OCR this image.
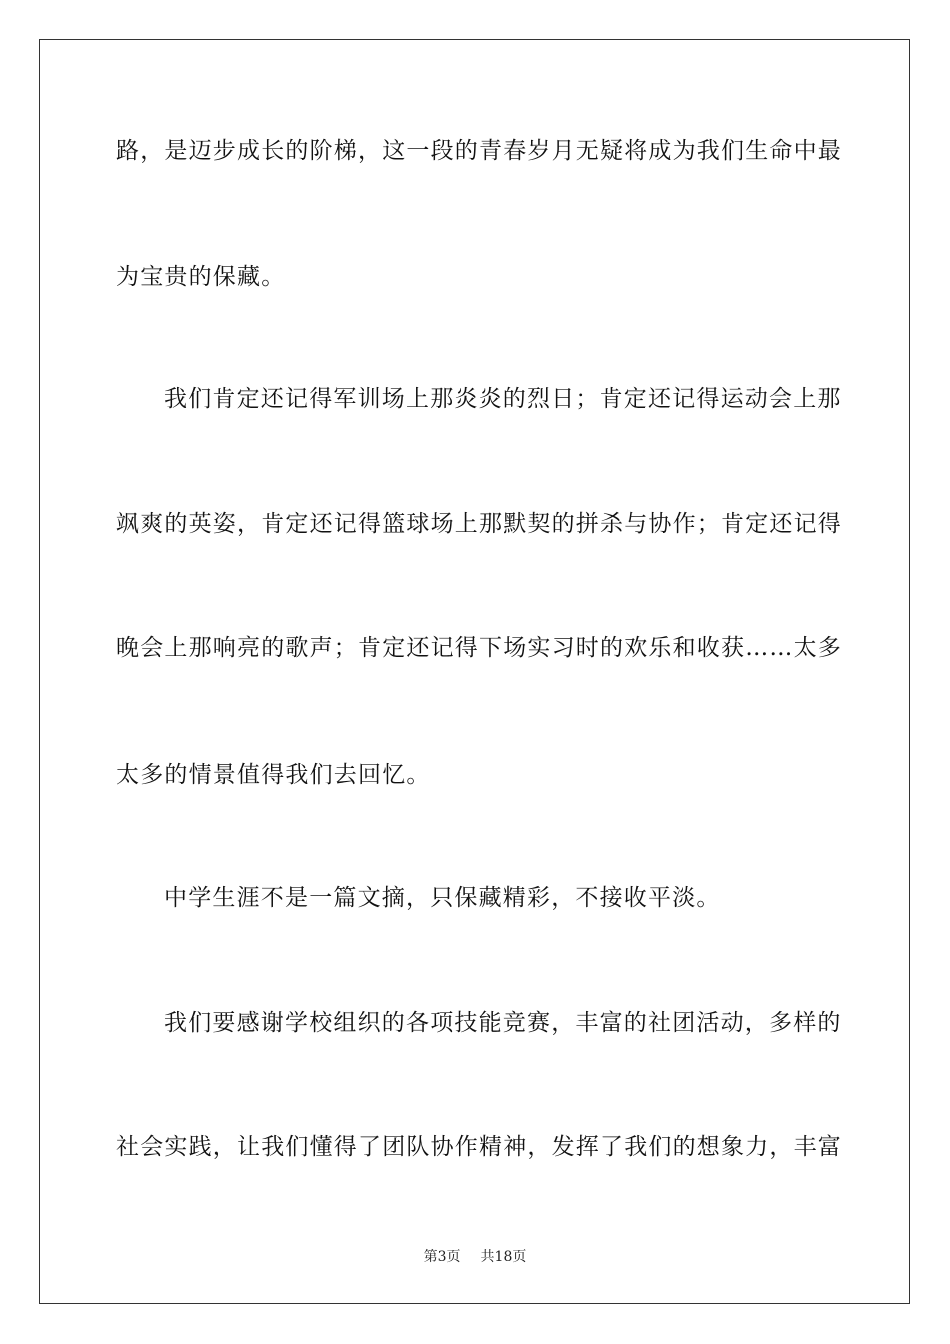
路，是迈步成长的阶梯，这一段的青春岁月无疑将成为我们生命中最
为宝贵的保藏。
我们肯定还记得军训场上那炎炎的烈日；肯定还记得运动会上那
飒爽的英姿，肯定还记得篮球场上那默契的拼杀与协作；肯定还记得
晚会上那响亮的歌声；肯定还记得下场实习时的欢乐和收获……太多
太多的情景值得我们去回忆。
中学生涯不是一篇文摘，只保藏精彩，不接收平淡。
我们要感谢学校组织的各项技能竞赛，丰富的社团活动，多样的
社会实践，让我们懂得了团队协作精神，发挥了我们的想象力，丰富
第3页 共18页
